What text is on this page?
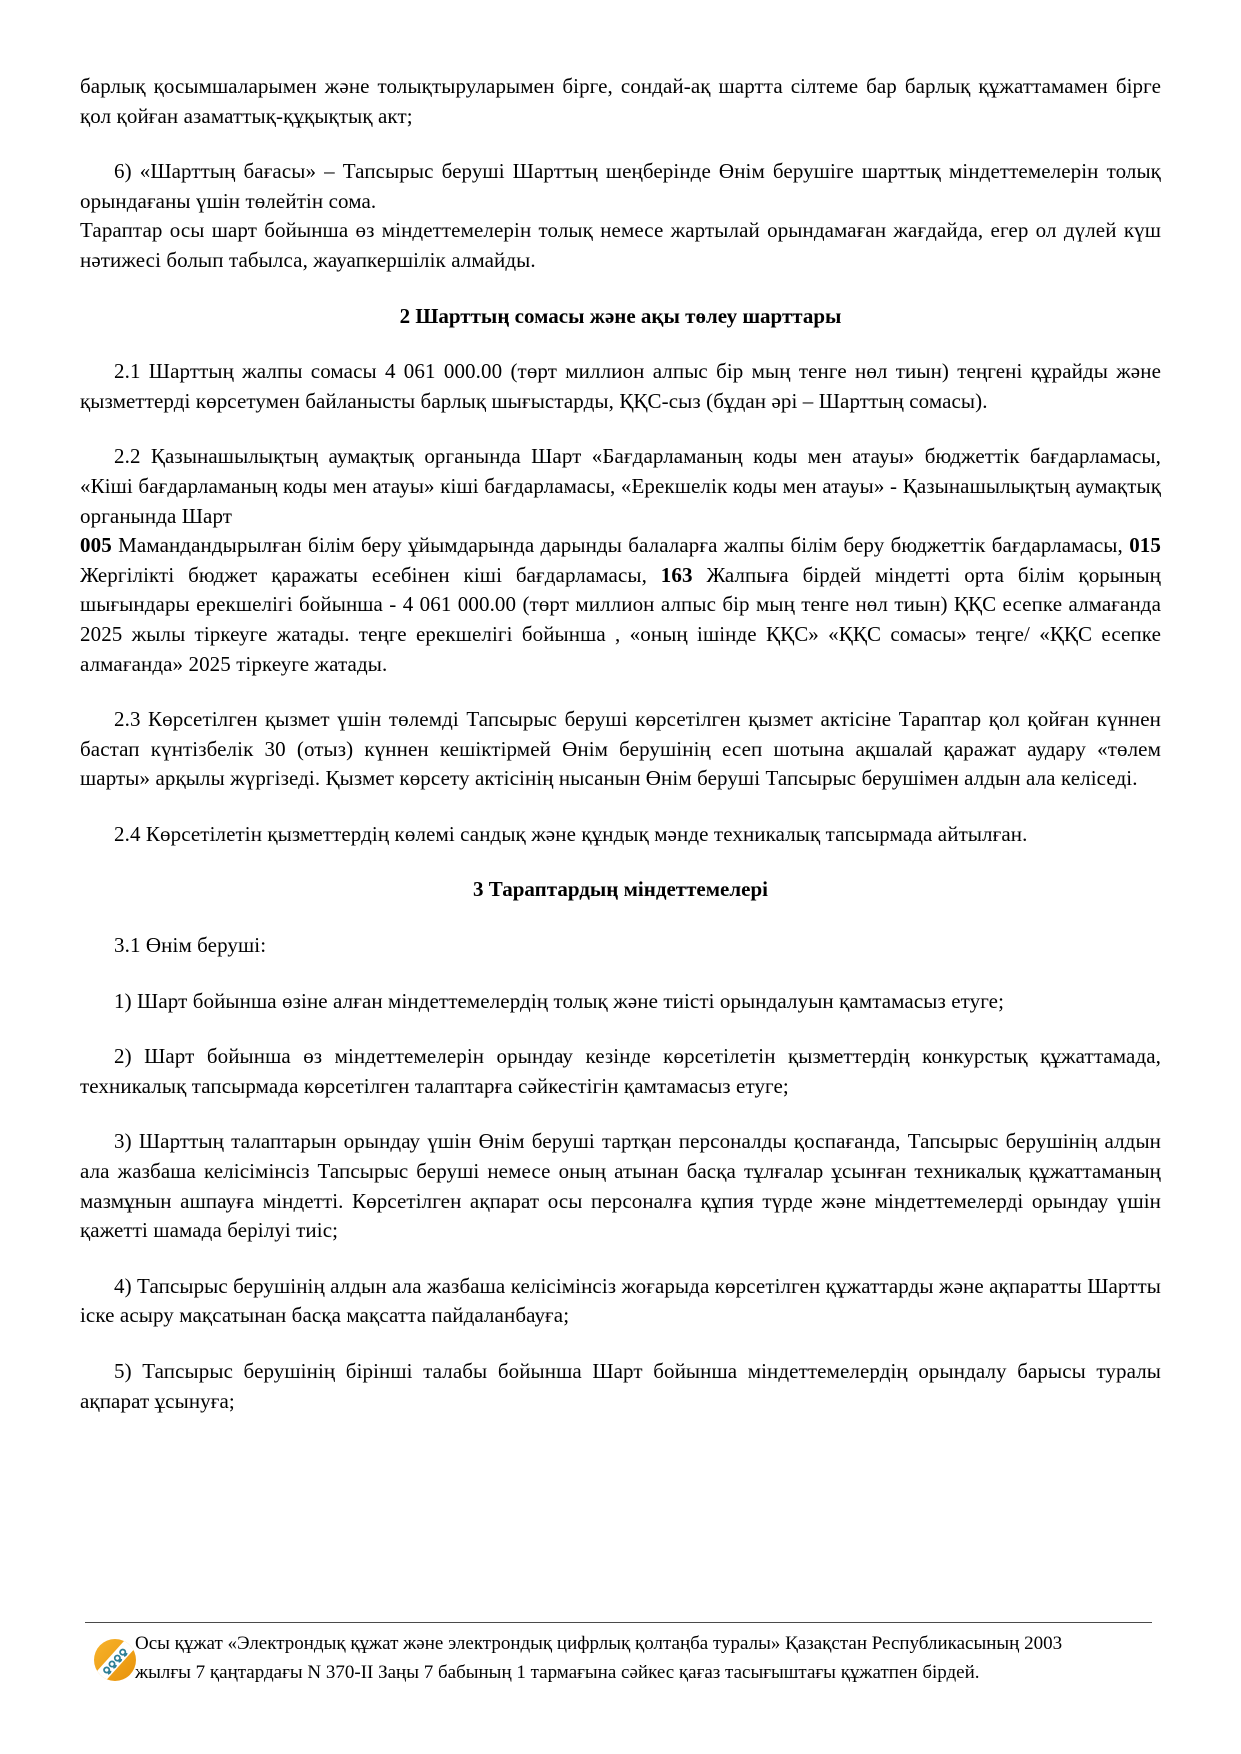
барлық қосымшаларымен және толықтыруларымен бірге, сондай-ақ шартта сілтеме бар барлық құжаттамамен бірге қол қойған азаматтық-құқықтық акт;

6) «Шарттың бағасы» – Тапсырыс беруші Шарттың шеңберінде Өнім берушіге шарттық міндеттемелерін толық орындағаны үшін төлейтін сома.

Тараптар осы шарт бойынша өз міндеттемелерін толық немесе жартылай орындамаған жағдайда, егер ол дүлей күш нәтижесі болып табылса, жауапкершілік алмайды.

2 Шарттың сомасы және ақы төлеу шарттары

2.1 Шарттың жалпы сомасы 4 061 000.00 (төрт миллион алпыс бір мың тенге нөл тиын) теңгені құрайды және қызметтерді көрсетумен байланысты барлық шығыстарды, ҚҚС-сыз (бұдан әрі – Шарттың сомасы).

2.2 Қазынашылықтың аумақтық органында Шарт «Бағдарламаның коды мен атауы» бюджеттік бағдарламасы, «Кіші бағдарламаның коды мен атауы» кіші бағдарламасы, «Ерекшелік коды мен атауы» - Қазынашылықтың аумақтық органында Шарт
005 Мамандандырылған білім беру ұйымдарында дарынды балаларға жалпы білім беру бюджеттік бағдарламасы, 015 Жергілікті бюджет қаражаты есебінен кіші бағдарламасы, 163 Жалпыға бірдей міндетті орта білім қорының шығындары ерекшелігі бойынша - 4 061 000.00 (төрт миллион алпыс бір мың тенге нөл тиын) ҚҚС есепке алмағанда 2025 жылы тіркеуге жатады. теңге ерекшелігі бойынша , «оның ішінде ҚҚС» «ҚҚС сомасы» теңге/ «ҚҚС есепке алмағанда» 2025 тіркеуге жатады.

2.3 Көрсетілген қызмет үшін төлемді Тапсырыс беруші көрсетілген қызмет актісіне Тараптар қол қойған күннен бастап күнтізбелік 30 (отыз) күннен кешіктірмей Өнім берушінің есеп шотына ақшалай қаражат аудару «төлем шарты» арқылы жүргізеді. Қызмет көрсету актісінің нысанын Өнім беруші Тапсырыс берушімен алдын ала келіседі.

2.4 Көрсетілетін қызметтердің көлемі сандық және құндық мәнде техникалық тапсырмада айтылған.

3 Тараптардың міндеттемелері

3.1 Өнім беруші:

1) Шарт бойынша өзіне алған міндеттемелердің толық және тиісті орындалуын қамтамасыз етуге;

2) Шарт бойынша өз міндеттемелерін орындау кезінде көрсетілетін қызметтердің конкурстық құжаттамада, техникалық тапсырмада көрсетілген талаптарға сәйкестігін қамтамасыз етуге;

3) Шарттың талаптарын орындау үшін Өнім беруші тартқан персоналды қоспағанда, Тапсырыс берушінің алдын ала жазбаша келісімінсіз Тапсырыс беруші немесе оның атынан басқа тұлғалар ұсынған техникалық құжаттаманың мазмұнын ашпауға міндетті. Көрсетілген ақпарат осы персоналға құпия түрде және міндеттемелерді орындау үшін қажетті шамада берілуі тиіс;

4) Тапсырыс берушінің алдын ала жазбаша келісімінсіз жоғарыда көрсетілген құжаттарды және ақпаратты Шартты іске асыру мақсатынан басқа мақсатта пайдаланбауға;

5) Тапсырыс берушінің бірінші талабы бойынша Шарт бойынша міндеттемелердің орындалу барысы туралы ақпарат ұсынуға;

Осы құжат «Электрондық құжат және электрондық цифрлық қолтаңба туралы» Қазақстан Республикасының 2003 жылғы 7 қаңтардағы N 370-II Заңы 7 бабының 1 тармағына сәйкес қағаз тасығыштағы құжатпен бірдей.
